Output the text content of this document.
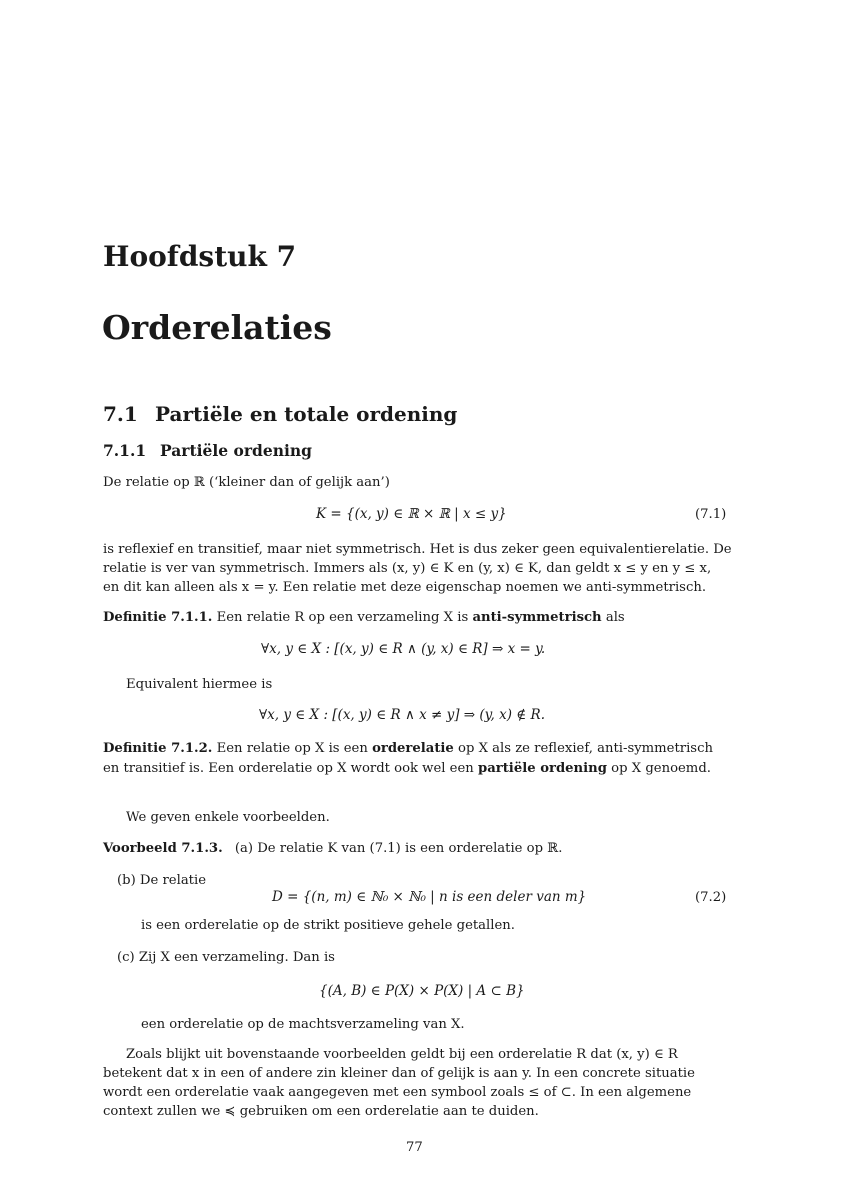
Hoofdstuk 7
Orderelaties
7.1 Partiële en totale ordening
7.1.1 Partiële ordening
De relatie op ℝ (‘kleiner dan of gelijk aan’)
K = {(x, y) ∈ ℝ × ℝ | x ≤ y}	(7.1)
is reflexief en transitief, maar niet symmetrisch. Het is dus zeker geen equivalentierelatie. De
relatie is ver van symmetrisch. Immers als (x, y) ∈ K en (y, x) ∈ K, dan geldt x ≤ y en y ≤ x,
en dit kan alleen als x = y. Een relatie met deze eigenschap noemen we anti-symmetrisch.
Definitie 7.1.1. Een relatie R op een verzameling X is anti-symmetrisch als
∀x, y ∈ X : [(x, y) ∈ R ∧ (y, x) ∈ R] ⇒ x = y.
Equivalent hiermee is
∀x, y ∈ X : [(x, y) ∈ R ∧ x ≠ y] ⇒ (y, x) ∉ R.
Definitie 7.1.2. Een relatie op X is een orderelatie op X als ze reflexief, anti-symmetrisch
en transitief is. Een orderelatie op X wordt ook wel een partiële ordening op X genoemd.
We geven enkele voorbeelden.
Voorbeeld 7.1.3. (a) De relatie K van (7.1) is een orderelatie op ℝ.
(b) De relatie
D = {(n, m) ∈ ℕ₀ × ℕ₀ | n is een deler van m}	(7.2)
is een orderelatie op de strikt positieve gehele getallen.
(c) Zij X een verzameling. Dan is
{(A, B) ∈ P(X) × P(X) | A ⊂ B}
een orderelatie op de machtsverzameling van X.
Zoals blijkt uit bovenstaande voorbeelden geldt bij een orderelatie R dat (x, y) ∈ R
betekent dat x in een of andere zin kleiner dan of gelijk is aan y. In een concrete situatie
wordt een orderelatie vaak aangegeven met een symbool zoals ≤ of ⊂. In een algemene
context zullen we ≼ gebruiken om een orderelatie aan te duiden.
77
